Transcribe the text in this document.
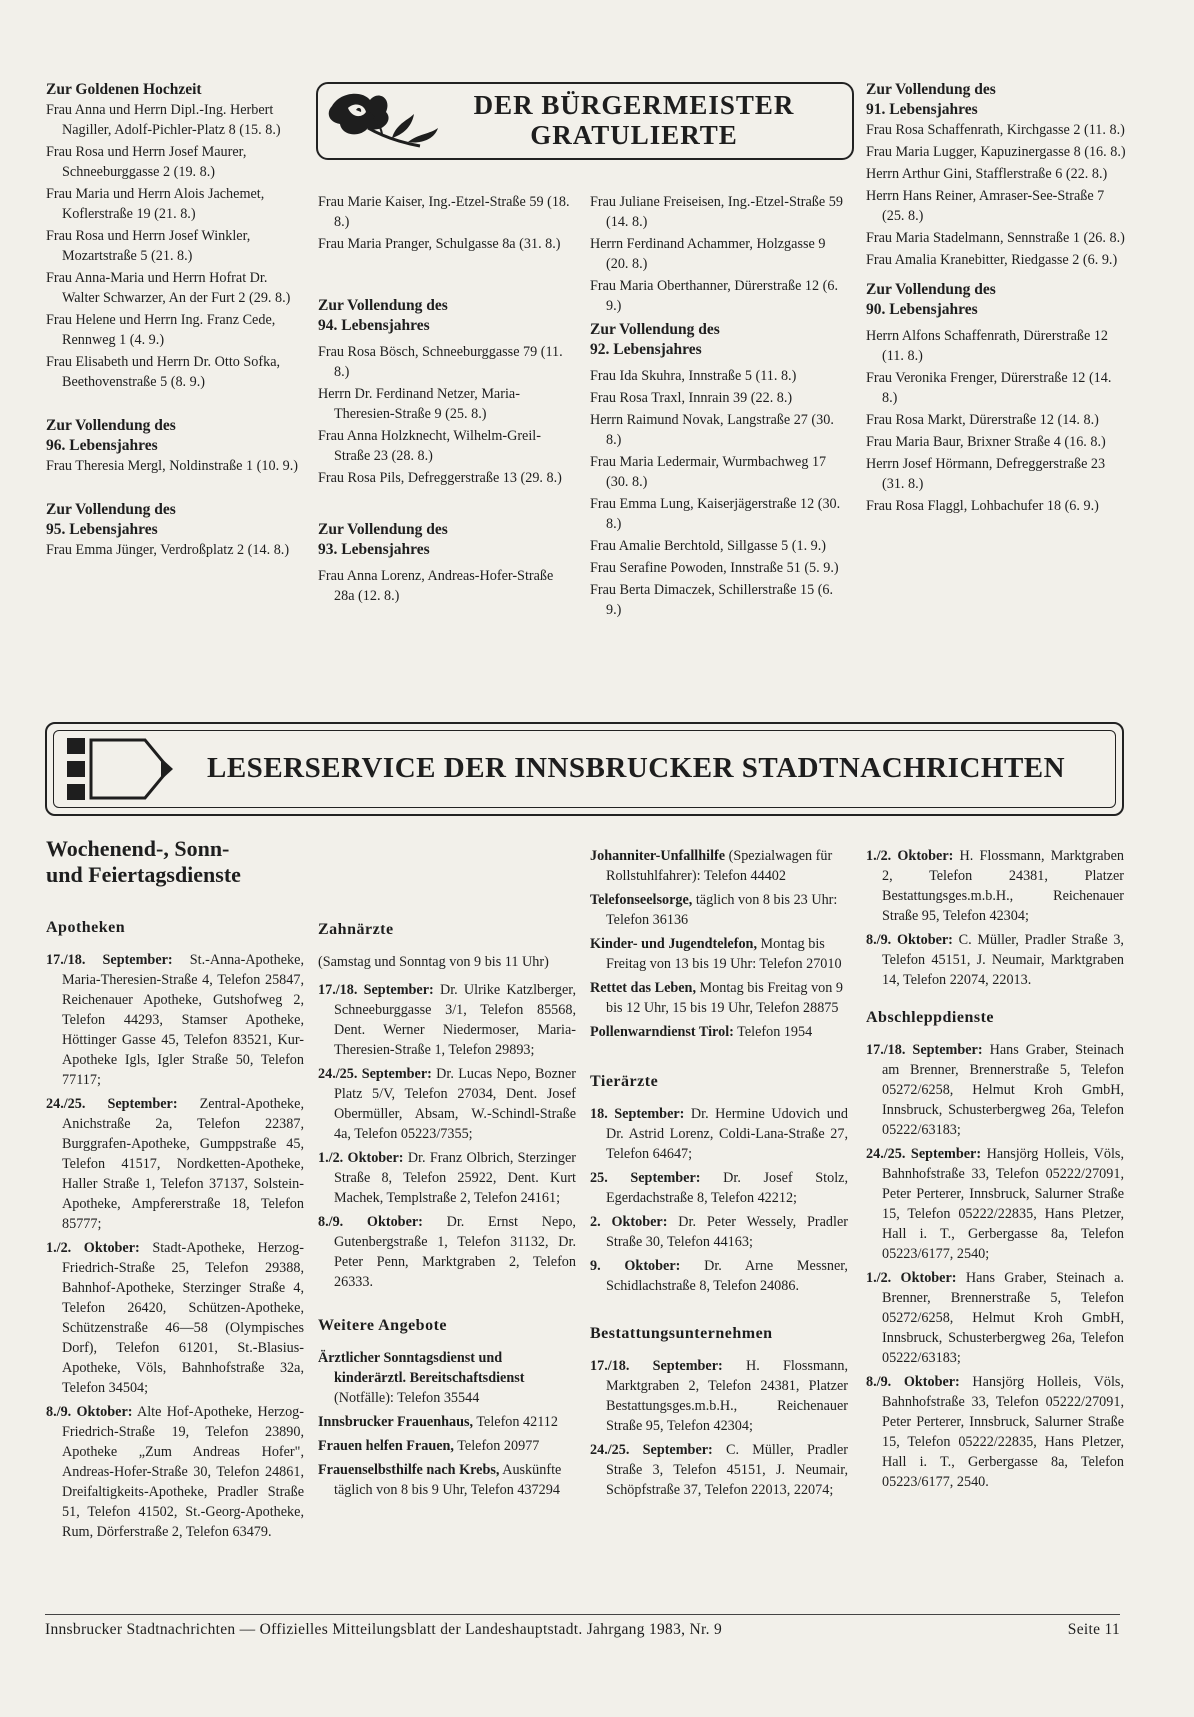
DER BÜRGERMEISTER
GRATULIERTE

Zur Goldenen Hochzeit

Frau Anna und Herrn Dipl.-Ing. Herbert Nagiller, Adolf-Pichler-Platz 8 (15. 8.)

Frau Rosa und Herrn Josef Maurer, Schneeburggasse 2 (19. 8.)

Frau Maria und Herrn Alois Jachemet, Koflerstraße 19 (21. 8.)

Frau Rosa und Herrn Josef Winkler, Mozartstraße 5 (21. 8.)

Frau Anna-Maria und Herrn Hofrat Dr. Walter Schwarzer, An der Furt 2 (29. 8.)

Frau Helene und Herrn Ing. Franz Cede, Rennweg 1 (4. 9.)

Frau Elisabeth und Herrn Dr. Otto Sofka, Beethovenstraße 5 (8. 9.)

Zur Vollendung des

96. Lebensjahres

Frau Theresia Mergl, Noldinstraße 1 (10. 9.)

Zur Vollendung des

95. Lebensjahres

Frau Emma Jünger, Verdroßplatz 2 (14. 8.)

Frau Marie Kaiser, Ing.-Etzel-Straße 59 (18. 8.)

Frau Maria Pranger, Schulgasse 8a (31. 8.)

Zur Vollendung des

94. Lebensjahres

Frau Rosa Bösch, Schneeburggasse 79 (11. 8.)

Herrn Dr. Ferdinand Netzer, Maria-Theresien-Straße 9 (25. 8.)

Frau Anna Holzknecht, Wilhelm-Greil-Straße 23 (28. 8.)

Frau Rosa Pils, Defreggerstraße 13 (29. 8.)

Zur Vollendung des

93. Lebensjahres

Frau Anna Lorenz, Andreas-Hofer-Straße 28a (12. 8.)

Frau Juliane Freiseisen, Ing.-Etzel-Straße 59 (14. 8.)

Herrn Ferdinand Achammer, Holzgasse 9 (20. 8.)

Frau Maria Oberthanner, Dürerstraße 12 (6. 9.)

Zur Vollendung des

92. Lebensjahres

Frau Ida Skuhra, Innstraße 5 (11. 8.)

Frau Rosa Traxl, Innrain 39 (22. 8.)

Herrn Raimund Novak, Langstraße 27 (30. 8.)

Frau Maria Ledermair, Wurmbachweg 17 (30. 8.)

Frau Emma Lung, Kaiserjägerstraße 12 (30. 8.)

Frau Amalie Berchtold, Sillgasse 5 (1. 9.)

Frau Serafine Powoden, Innstraße 51 (5. 9.)

Frau Berta Dimaczek, Schillerstraße 15 (6. 9.)

Zur Vollendung des

91. Lebensjahres

Frau Rosa Schaffenrath, Kirchgasse 2 (11. 8.)

Frau Maria Lugger, Kapuzinergasse 8 (16. 8.)

Herrn Arthur Gini, Stafflerstraße 6 (22. 8.)

Herrn Hans Reiner, Amraser-See-Straße 7 (25. 8.)

Frau Maria Stadelmann, Sennstraße 1 (26. 8.)

Frau Amalia Kranebitter, Riedgasse 2 (6. 9.)

Zur Vollendung des

90. Lebensjahres

Herrn Alfons Schaffenrath, Dürerstraße 12 (11. 8.)

Frau Veronika Frenger, Dürerstraße 12 (14. 8.)

Frau Rosa Markt, Dürerstraße 12 (14. 8.)

Frau Maria Baur, Brixner Straße 4 (16. 8.)

Herrn Josef Hörmann, Defreggerstraße 23 (31. 8.)

Frau Rosa Flaggl, Lohbachufer 18 (6. 9.)

LESERSERVICE DER INNSBRUCKER STADTNACHRICHTEN
Wochenend-, Sonn-
und Feiertagsdienste

Apotheken

17./18. September: St.-Anna-Apotheke, Maria-Theresien-Straße 4, Telefon 25847, Reichenauer Apotheke, Gutshofweg 2, Telefon 44293, Stamser Apotheke, Höttinger Gasse 45, Telefon 83521, Kur-Apotheke Igls, Igler Straße 50, Telefon 77117;

24./25. September: Zentral-Apotheke, Anichstraße 2a, Telefon 22387, Burggrafen-Apotheke, Gumppstraße 45, Telefon 41517, Nordketten-Apotheke, Haller Straße 1, Telefon 37137, Solstein-Apotheke, Ampfererstraße 18, Telefon 85777;

1./2. Oktober: Stadt-Apotheke, Herzog-Friedrich-Straße 25, Telefon 29388, Bahnhof-Apotheke, Sterzinger Straße 4, Telefon 26420, Schützen-Apotheke, Schützenstraße 46—58 (Olympisches Dorf), Telefon 61201, St.-Blasius-Apotheke, Völs, Bahnhofstraße 32a, Telefon 34504;

8./9. Oktober: Alte Hof-Apotheke, Herzog-Friedrich-Straße 19, Telefon 23890, Apotheke „Zum Andreas Hofer", Andreas-Hofer-Straße 30, Telefon 24861, Dreifaltigkeits-Apotheke, Pradler Straße 51, Telefon 41502, St.-Georg-Apotheke, Rum, Dörferstraße 2, Telefon 63479.

Zahnärzte

(Samstag und Sonntag von 9 bis 11 Uhr)

17./18. September: Dr. Ulrike Katzlberger, Schneeburggasse 3/1, Telefon 85568, Dent. Werner Niedermoser, Maria-Theresien-Straße 1, Telefon 29893;

24./25. September: Dr. Lucas Nepo, Bozner Platz 5/V, Telefon 27034, Dent. Josef Obermüller, Absam, W.-Schindl-Straße 4a, Telefon 05223/7355;

1./2. Oktober: Dr. Franz Olbrich, Sterzinger Straße 8, Telefon 25922, Dent. Kurt Machek, Templstraße 2, Telefon 24161;

8./9. Oktober: Dr. Ernst Nepo, Gutenbergstraße 1, Telefon 31132, Dr. Peter Penn, Marktgraben 2, Telefon 26333.

Weitere Angebote

Ärztlicher Sonntagsdienst und kinderärztl. Bereitschaftsdienst (Notfälle): Telefon 35544

Innsbrucker Frauenhaus, Telefon 42112

Frauen helfen Frauen, Telefon 20977

Frauenselbsthilfe nach Krebs, Auskünfte täglich von 8 bis 9 Uhr, Telefon 437294

Johanniter-Unfallhilfe (Spezialwagen für Rollstuhlfahrer): Telefon 44402

Telefonseelsorge, täglich von 8 bis 23 Uhr: Telefon 36136

Kinder- und Jugendtelefon, Montag bis Freitag von 13 bis 19 Uhr: Telefon 27010

Rettet das Leben, Montag bis Freitag von 9 bis 12 Uhr, 15 bis 19 Uhr, Telefon 28875

Pollenwarndienst Tirol: Telefon 1954

Tierärzte

18. September: Dr. Hermine Udovich und Dr. Astrid Lorenz, Coldi-Lana-Straße 27, Telefon 64647;

25. September: Dr. Josef Stolz, Egerdachstraße 8, Telefon 42212;

2. Oktober: Dr. Peter Wessely, Pradler Straße 30, Telefon 44163;

9. Oktober: Dr. Arne Messner, Schidlachstraße 8, Telefon 24086.

Bestattungsunternehmen

17./18. September: H. Flossmann, Marktgraben 2, Telefon 24381, Platzer Bestattungsges.m.b.H., Reichenauer Straße 95, Telefon 42304;

24./25. September: C. Müller, Pradler Straße 3, Telefon 45151, J. Neumair, Schöpfstraße 37, Telefon 22013, 22074;

1./2. Oktober: H. Flossmann, Marktgraben 2, Telefon 24381, Platzer Bestattungsges.m.b.H., Reichenauer Straße 95, Telefon 42304;

8./9. Oktober: C. Müller, Pradler Straße 3, Telefon 45151, J. Neumair, Marktgraben 14, Telefon 22074, 22013.

Abschleppdienste

17./18. September: Hans Graber, Steinach am Brenner, Brennerstraße 5, Telefon 05272/6258, Helmut Kroh GmbH, Innsbruck, Schusterbergweg 26a, Telefon 05222/63183;

24./25. September: Hansjörg Holleis, Völs, Bahnhofstraße 33, Telefon 05222/27091, Peter Perterer, Innsbruck, Salurner Straße 15, Telefon 05222/22835, Hans Pletzer, Hall i. T., Gerbergasse 8a, Telefon 05223/6177, 2540;

1./2. Oktober: Hans Graber, Steinach a. Brenner, Brennerstraße 5, Telefon 05272/6258, Helmut Kroh GmbH, Innsbruck, Schusterbergweg 26a, Telefon 05222/63183;

8./9. Oktober: Hansjörg Holleis, Völs, Bahnhofstraße 33, Telefon 05222/27091, Peter Perterer, Innsbruck, Salurner Straße 15, Telefon 05222/22835, Hans Pletzer, Hall i. T., Gerbergasse 8a, Telefon 05223/6177, 2540.

Innsbrucker Stadtnachrichten — Offizielles Mitteilungsblatt der Landeshauptstadt. Jahrgang 1983, Nr. 9	Seite 11
